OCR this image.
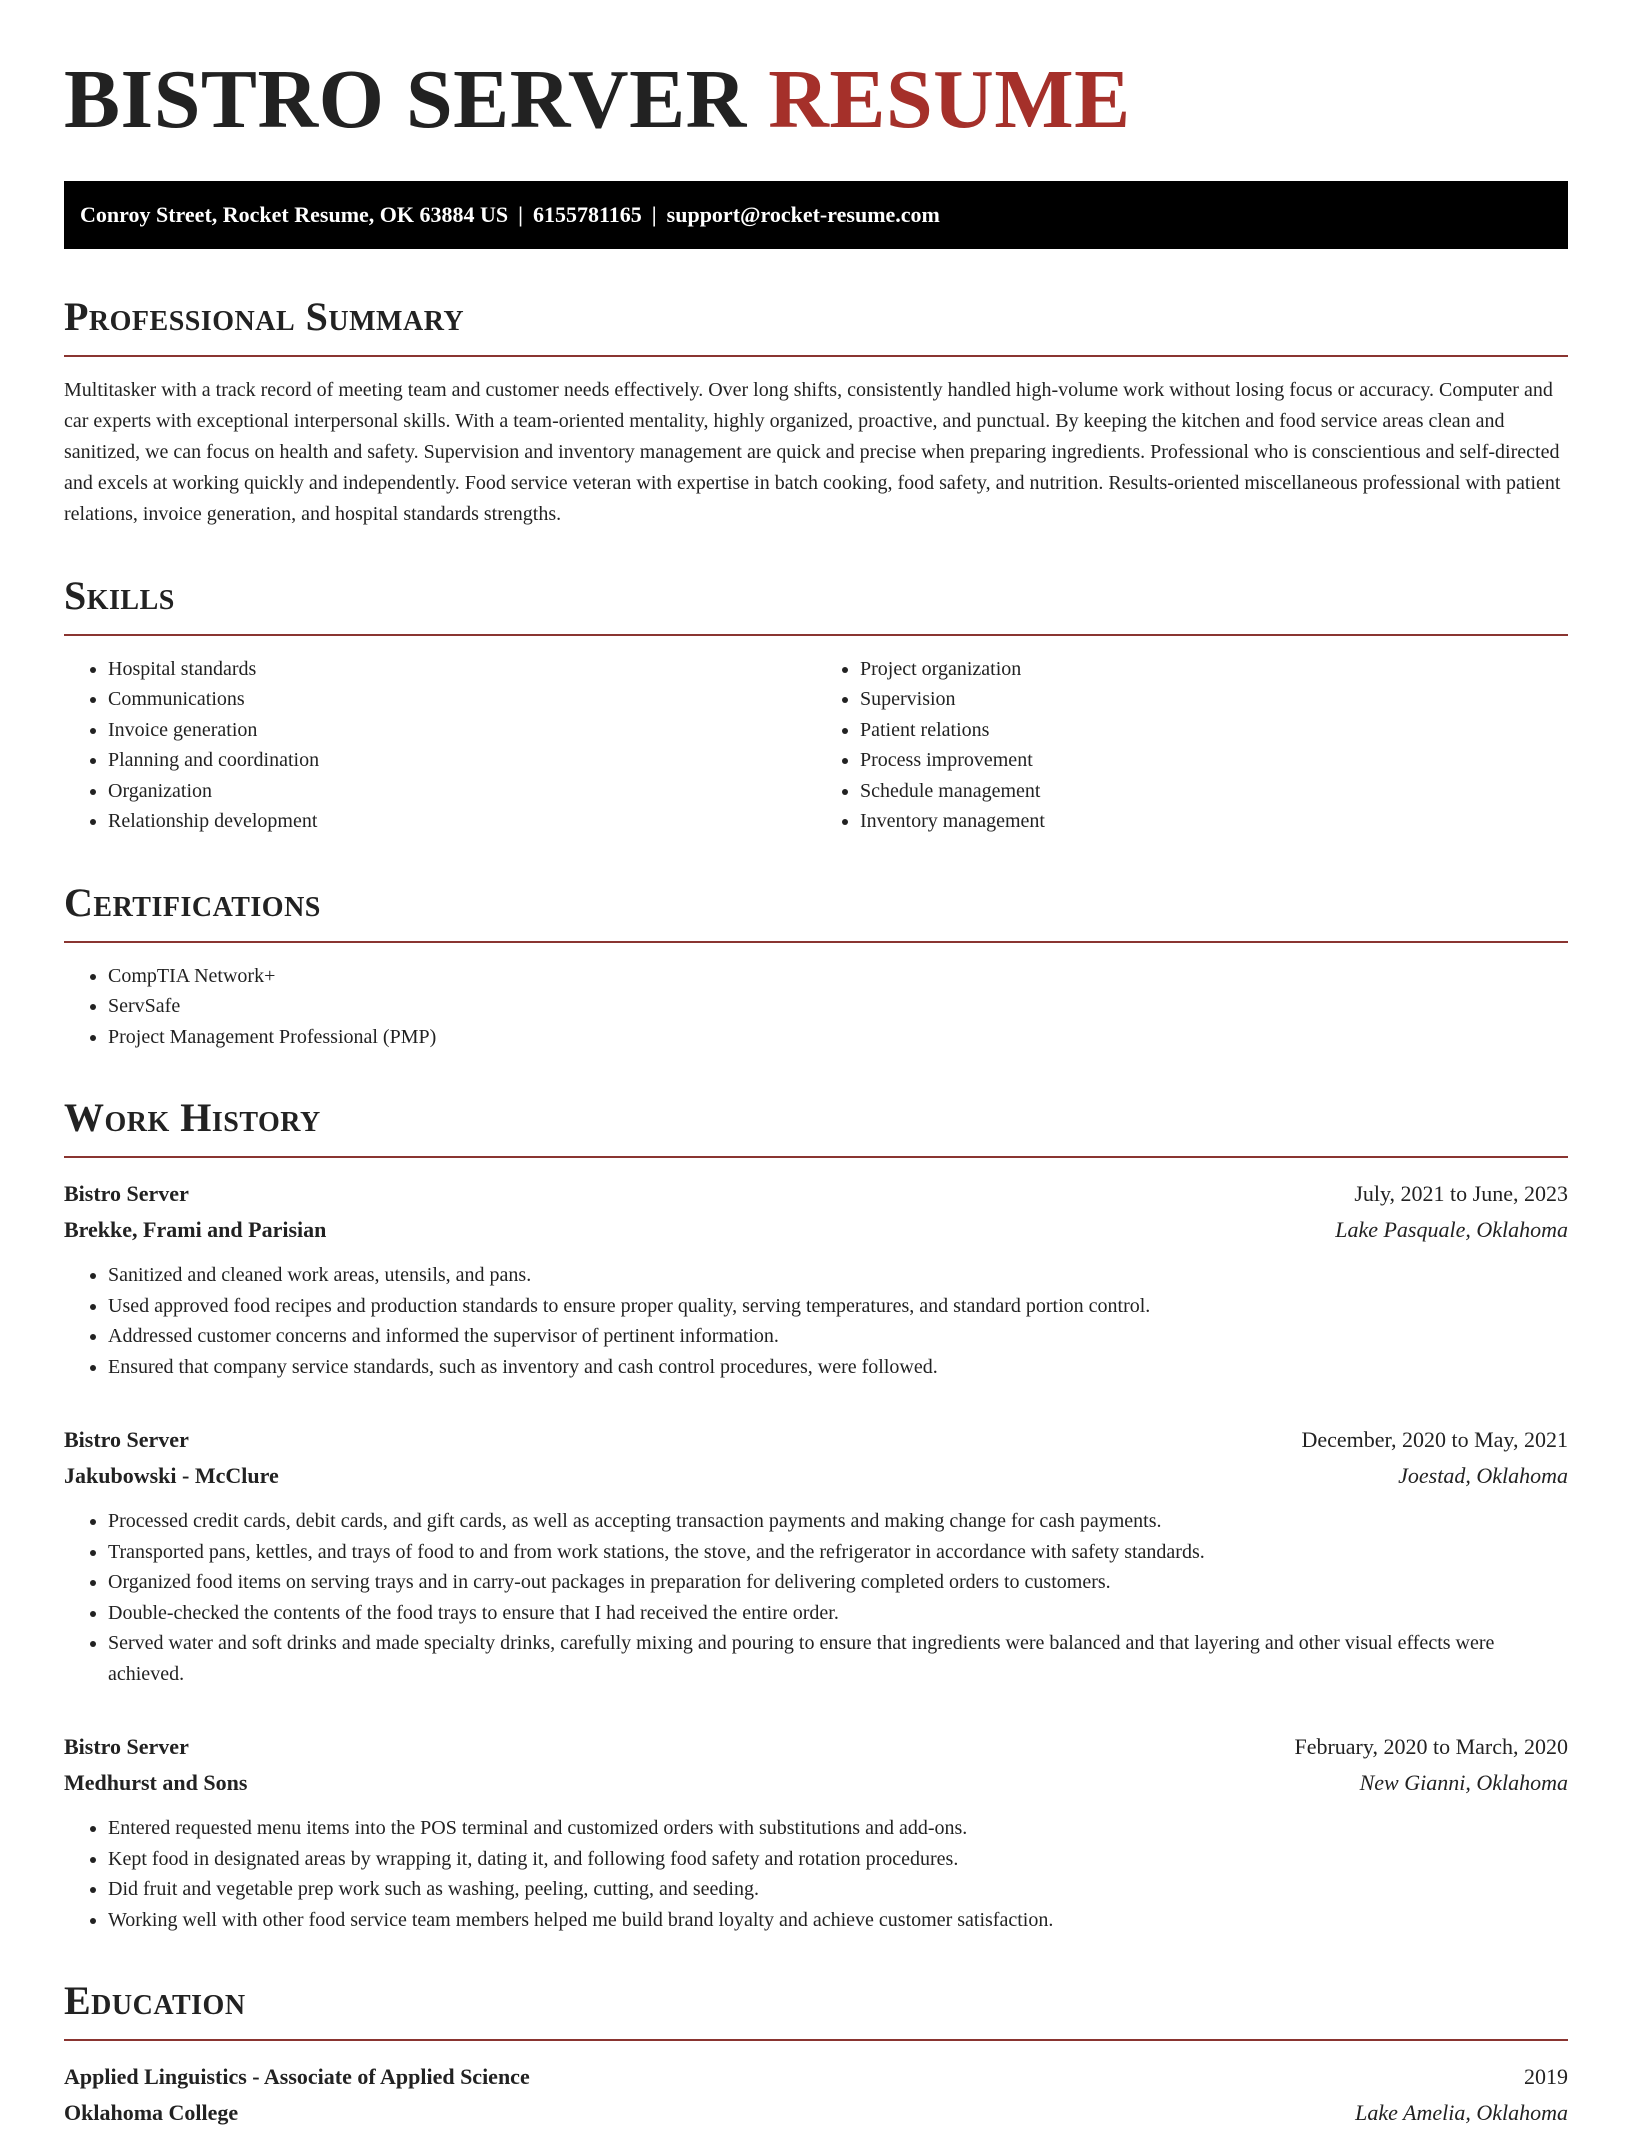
BISTRO SERVER RESUME
Conroy Street, Rocket Resume, OK 63884 US | 6155781165 | support@rocket-resume.com
Professional Summary

Multitasker with a track record of meeting team and customer needs effectively. Over long shifts, consistently handled high-volume work without losing focus or accuracy. Computer and car experts with exceptional interpersonal skills. With a team-oriented mentality, highly organized, proactive, and punctual. By keeping the kitchen and food service areas clean and sanitized, we can focus on health and safety. Supervision and inventory management are quick and precise when preparing ingredients. Professional who is conscientious and self-directed and excels at working quickly and independently. Food service veteran with expertise in batch cooking, food safety, and nutrition. Results-oriented miscellaneous professional with patient relations, invoice generation, and hospital standards strengths.

Skills
• Hospital standards
• Communications
• Invoice generation
• Planning and coordination
• Organization
• Relationship development
• Project organization
• Supervision
• Patient relations
• Process improvement
• Schedule management
• Inventory management
Certifications
• CompTIA Network+
• ServSafe
• Project Management Professional (PMP)
Work History
Bistro Server	July, 2021 to June, 2023
Brekke, Frami and Parisian	Lake Pasquale, Oklahoma
• Sanitized and cleaned work areas, utensils, and pans.
• Used approved food recipes and production standards to ensure proper quality, serving temperatures, and standard portion control.
• Addressed customer concerns and informed the supervisor of pertinent information.
• Ensured that company service standards, such as inventory and cash control procedures, were followed.
Bistro Server	December, 2020 to May, 2021
Jakubowski - McClure	Joestad, Oklahoma
• Processed credit cards, debit cards, and gift cards, as well as accepting transaction payments and making change for cash payments.
• Transported pans, kettles, and trays of food to and from work stations, the stove, and the refrigerator in accordance with safety standards.
• Organized food items on serving trays and in carry-out packages in preparation for delivering completed orders to customers.
• Double-checked the contents of the food trays to ensure that I had received the entire order.
• Served water and soft drinks and made specialty drinks, carefully mixing and pouring to ensure that ingredients were balanced and that layering and other visual effects were achieved.
Bistro Server	February, 2020 to March, 2020
Medhurst and Sons	New Gianni, Oklahoma
• Entered requested menu items into the POS terminal and customized orders with substitutions and add-ons.
• Kept food in designated areas by wrapping it, dating it, and following food safety and rotation procedures.
• Did fruit and vegetable prep work such as washing, peeling, cutting, and seeding.
• Working well with other food service team members helped me build brand loyalty and achieve customer satisfaction.
Education
Applied Linguistics - Associate of Applied Science	2019
Oklahoma College	Lake Amelia, Oklahoma
